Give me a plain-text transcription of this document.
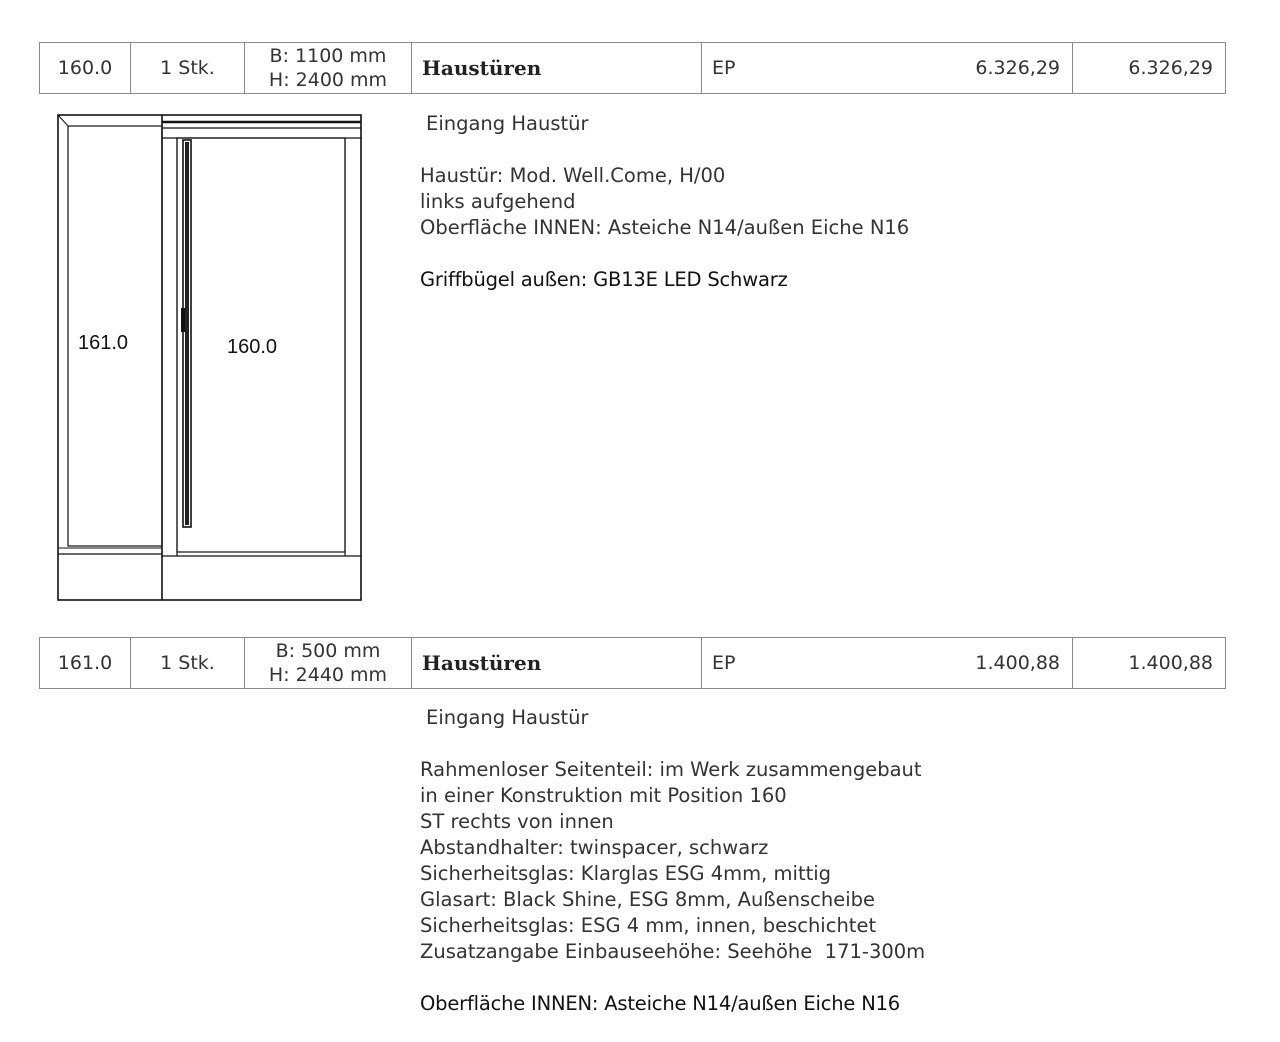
160.0	1 Stk.
B: 1100 mm
H: 2400 mm	Haustüren	EP	6.326,29	6.326,29
161.0	160.0

Eingang Haustür

Haustür: Mod. Well.Come, H/00

links aufgehend

Oberfläche INNEN: Asteiche N14/außen Eiche N16

Griffbügel außen: GB13E LED Schwarz

161.0	1 Stk.
B: 500 mm
H: 2440 mm	Haustüren	EP	1.400,88	1.400,88

Eingang Haustür

Rahmenloser Seitenteil: im Werk zusammengebaut

in einer Konstruktion mit Position 160

ST rechts von innen

Abstandhalter: twinspacer, schwarz

Sicherheitsglas: Klarglas ESG 4mm, mittig

Glasart: Black Shine, ESG 8mm, Außenscheibe

Sicherheitsglas: ESG 4 mm, innen, beschichtet

Zusatzangabe Einbauseehöhe: Seehöhe  171-300m

Oberfläche INNEN: Asteiche N14/außen Eiche N16
